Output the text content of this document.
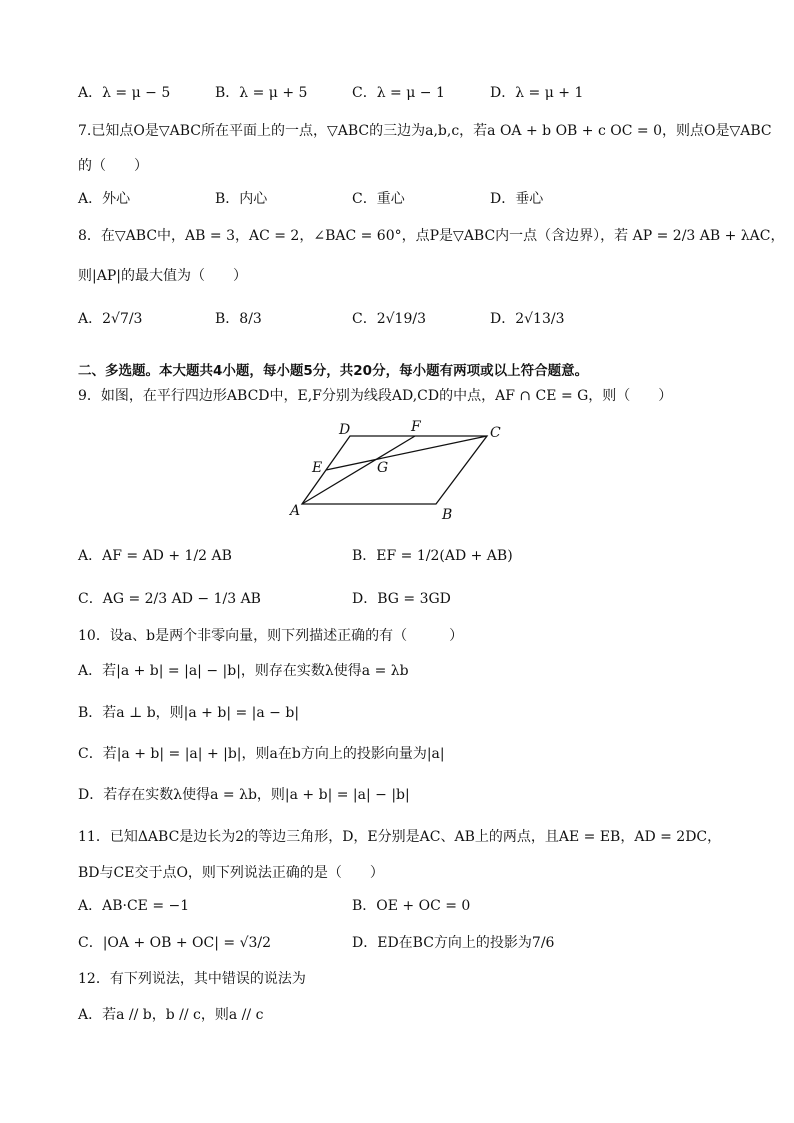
A．λ = μ − 5	B．λ = μ + 5	C．λ = μ − 1	D．λ = μ + 1
7.已知点O是▽ABC所在平面上的一点，▽ABC的三边为a,b,c，若a OA + b OB + c OC = 0，则点O是▽ABC
的（　　）
A．外心	B．内心	C．重心	D．垂心
8．在▽ABC中，AB = 3，AC = 2，∠BAC = 60°，点P是▽ABC内一点（含边界），若 AP = 2/3 AB + λAC，
则|AP|的最大值为（　　）
A．2√7/3	B．8/3	C．2√19/3	D．2√13/3
二、多选题。本大题共4小题，每小题5分，共20分，每小题有两项或以上符合题意。
9．如图，在平行四边形ABCD中，E,F分别为线段AD,CD的中点，AF ∩ CE = G，则（　　）
A	B
C
D
E
F
G
A．AF = AD + 1/2 AB	B．EF = 1/2(AD + AB)
C．AG = 2/3 AD − 1/3 AB	D．BG = 3GD
10．设a、b是两个非零向量，则下列描述正确的有（　　　）
A．若|a + b| = |a| − |b|，则存在实数λ使得a = λb
B．若a ⊥ b，则|a + b| = |a − b|
C．若|a + b| = |a| + |b|，则a在b方向上的投影向量为|a|
D．若存在实数λ使得a = λb，则|a + b| = |a| − |b|
11．已知ΔABC是边长为2的等边三角形，D，E分别是AC、AB上的两点，且AE = EB，AD = 2DC，
BD与CE交于点O，则下列说法正确的是（　　）
A．AB·CE = −1	B．OE + OC = 0
C．|OA + OB + OC| = √3/2	D．ED在BC方向上的投影为7/6
12．有下列说法，其中错误的说法为
A．若a // b，b // c，则a // c
